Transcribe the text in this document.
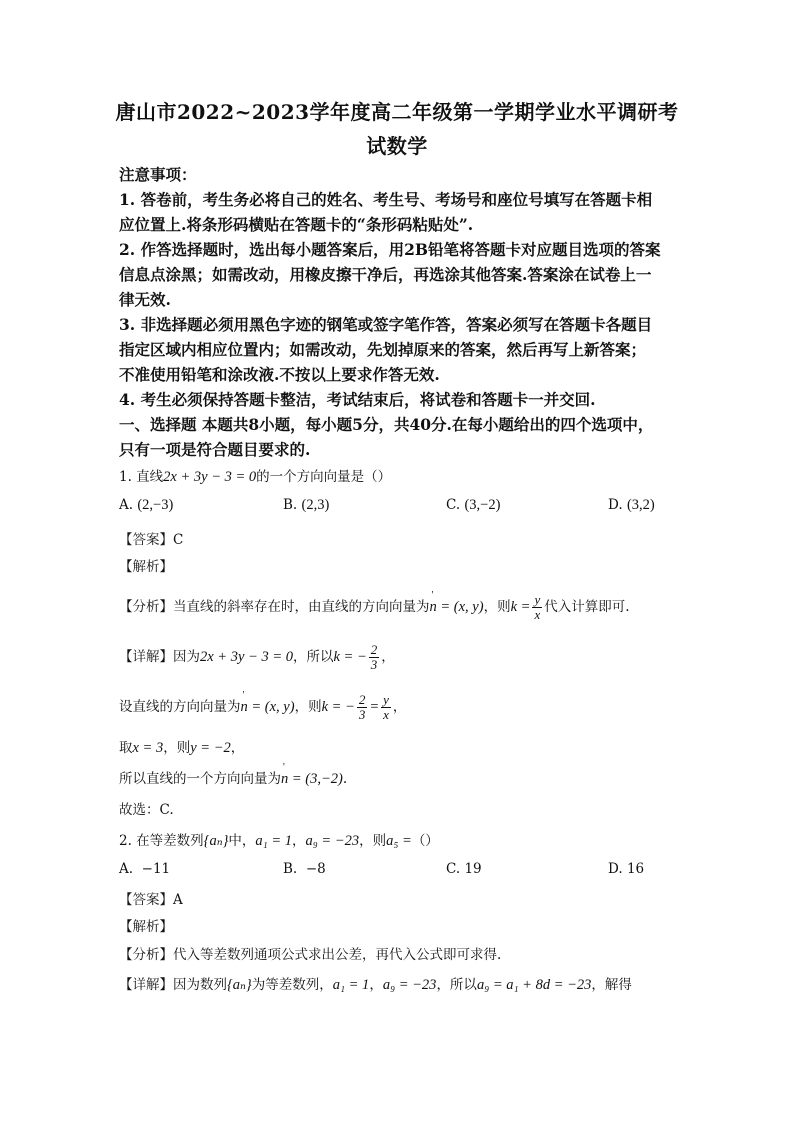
唐山市2022~2023学年度高二年级第一学期学业水平调研考
试数学
注意事项：
1. 答卷前，考生务必将自己的姓名、考生号、考场号和座位号填写在答题卡相
应位置上.将条形码横贴在答题卡的“条形码粘贴处”.
2. 作答选择题时，选出每小题答案后，用2B铅笔将答题卡对应题目选项的答案
信息点涂黑；如需改动，用橡皮擦干净后，再选涂其他答案.答案涂在试卷上一
律无效.
3. 非选择题必须用黑色字迹的钢笔或签字笔作答，答案必须写在答题卡各题目
指定区域内相应位置内；如需改动，先划掉原来的答案，然后再写上新答案；
不准使用铅笔和涂改液.不按以上要求作答无效.
4. 考生必须保持答题卡整洁，考试结束后，将试卷和答题卡一并交回.
一、选择题 本题共8小题，每小题5分，共40分.在每小题给出的四个选项中，
只有一项是符合题目要求的.
1. 直线2x + 3y − 3 = 0的一个方向向量是（）
A. (2,−3)	B. (2,3)	C. (3,−2)	D. (3,2)
【答案】C
【解析】
【分析】当直线的斜率存在时，由直线的方向向量为' n = (x, y)，则$k = \frac{y}{x}$ 代入计算即可.
【详解】因为2x + 3y − 3 = 0，所以k = − $\frac{2}{3}$ ，
设直线的方向向量为' n = (x, y)，则k = − $\frac{2}{3} = \frac{y}{x}$ ，
取x = 3，则y = −2，
所以直线的一个方向向量为' n = (3,−2).
故选：C.
2. 在等差数列{aₙ}中，a₁ = 1，a₉ = −23，则a₅ =（）
A. −11	B. −8	C. 19	D. 16
【答案】A
【解析】
【分析】代入等差数列通项公式求出公差，再代入公式即可求得.
【详解】因为数列{aₙ}为等差数列，a₁ = 1，a₉ = −23，所以a₉ = a₁ + 8d = −23，解得
